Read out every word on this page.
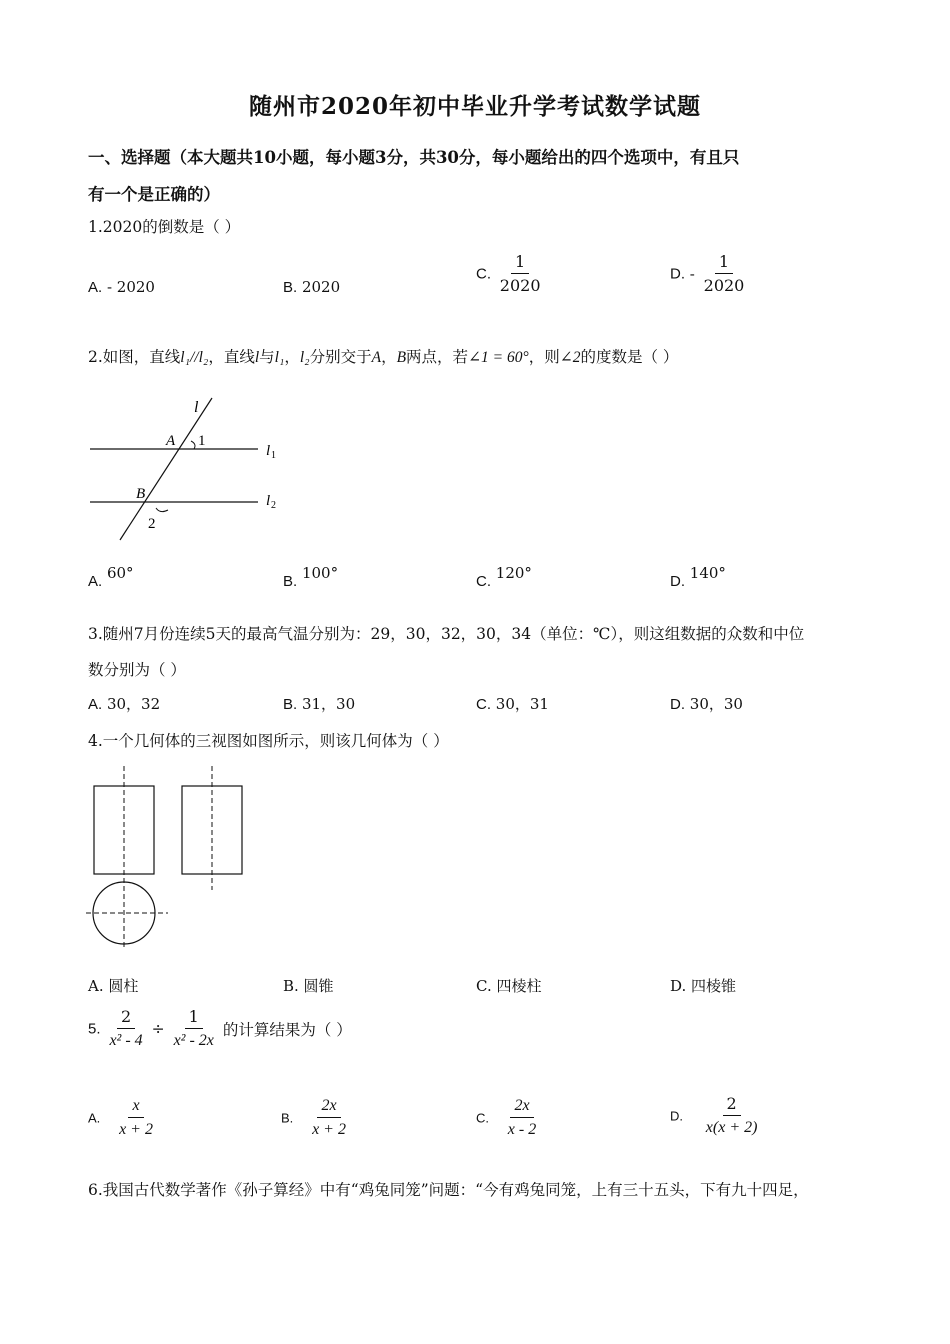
随州市2020年初中毕业升学考试数学试题
一、选择题（本大题共10小题，每小题3分，共30分，每小题给出的四个选项中，有且只
有一个是正确的）
1.2020的倒数是（ ）
A. - 2020	B. 2020
C. $\frac{1}{2020}$	D. - $\frac{1}{2020}$
2.如图，直线l₁//l₂，直线l与l₁，l₂分别交于A，B两点，若∠1 = 60°，则∠2的度数是（ ）
l
A 1
l 1
B
2
l 2
A. 60°	B. 100°	C. 120°	D. 140°
3.随州7月份连续5天的最高气温分别为：29，30，32，30，34（单位：℃），则这组数据的众数和中位
数分别为（ ）
A. 30，32	B. 31，30	C. 30，31	D. 30，30
4.一个几何体的三视图如图所示，则该几何体为（ ）
A. 圆柱	B. 圆锥	C. 四棱柱	D. 四棱锥
5. $\frac{2}{\text{x² - 4}} \div \frac{1}{\text{x² - 2x}}$ 的计算结果为（ ）
A. $\frac{x}{x + 2}$	B. $\frac{2x}{x + 2}$	C. $\frac{2x}{x - 2}$	D. $\frac{2}{x(x + 2)}$
6.我国古代数学著作《孙子算经》中有“鸡兔同笼”问题：“今有鸡兔同笼，上有三十五头，下有九十四足，
